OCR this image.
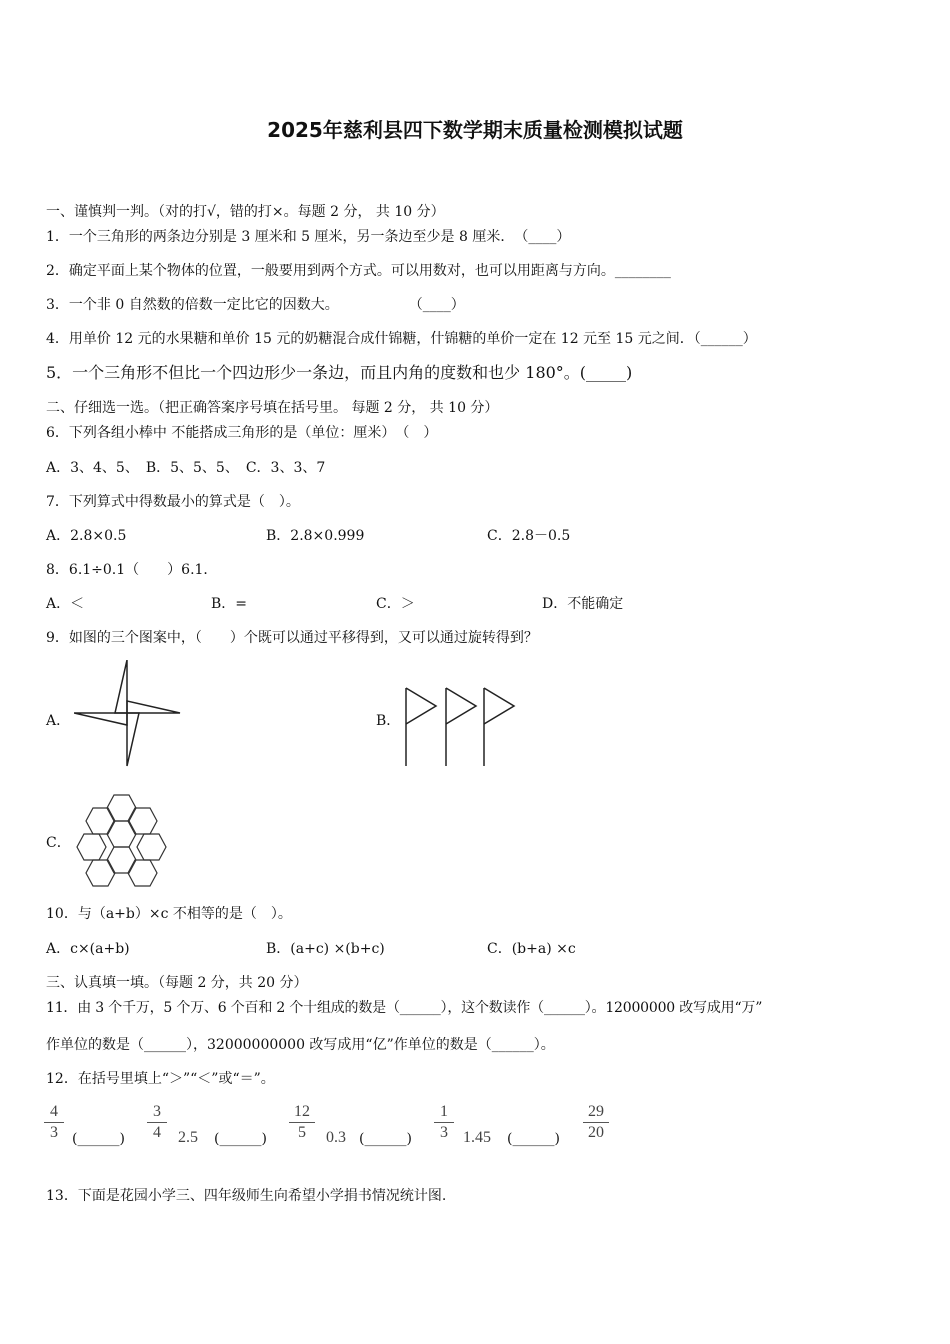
2025年慈利县四下数学期末质量检测模拟试题
一、谨慎判一判。（对的打√，错的打×。每题 2 分， 共 10 分）
1．一个三角形的两条边分别是 3 厘米和 5 厘米，另一条边至少是 8 厘米．　（____）
2．确定平面上某个物体的位置，一般要用到两个方式。可以用数对，也可以用距离与方向。________
3．一个非 0 自然数的倍数一定比它的因数大。　　　　　　（____）
4．用单价 12 元的水果糖和单价 15 元的奶糖混合成什锦糖，什锦糖的单价一定在 12 元至 15 元之间．（______）
5．一个三角形不但比一个四边形少一条边，而且内角的度数和也少 180°。(_____)
二、仔细选一选。（把正确答案序号填在括号里。 每题 2 分， 共 10 分）
6．下列各组小棒中 不能搭成三角形的是（单位：厘米）　（　）
A．3、4、5、　B．5、5、5、　C．3、3、7
7．下列算式中得数最小的算式是（　）。
A．2.8×0.5	B．2.8×0.999	C．2.8－0.5
8．6.1÷0.1（　　）6.1．
A．＜	B．=	C．＞	D．不能确定
9．如图的三个图案中，（　　）个既可以通过平移得到，又可以通过旋转得到？
A．	B．
C．
10．与（a+b）×c 不相等的是（　）。
A．c×(a+b)	B．(a+c) ×(b+c)	C．(b+a) ×c
三、认真填一填。（每题 2 分，共 20 分）
11．由 3 个千万，5 个万、6 个百和 2 个十组成的数是（______），这个数读作（______）。12000000 改写成用“万”
作单位的数是（______），32000000000 改写成用“亿”作单位的数是（______）。
12．在括号里填上“＞”“＜”或“＝”。
4
3	(______)
3
4	2.5 (______)
12
5	0.3 (______)
1
3 1.45 (______)
29
20
13．下面是花园小学三、四年级师生向希望小学捐书情况统计图.
